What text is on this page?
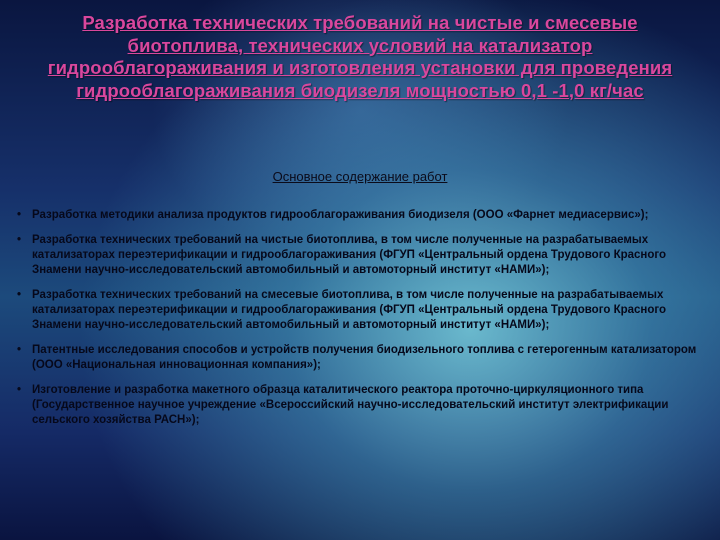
Разработка технических требований на чистые и смесевые биотоплива, технических условий на катализатор гидрооблагораживания и изготовления установки для проведения гидрооблагораживания биодизеля мощностью 0,1 -1,0 кг/час
Основное содержание работ
• Разработка методики анализа продуктов гидрооблагораживания биодизеля (ООО «Фарнет медиасервис»);
• Разработка технических требований на чистые биотоплива, в том числе полученные на разрабатываемых катализаторах переэтерификации и гидрооблагораживания (ФГУП «Центральный ордена Трудового Красного Знамени научно-исследовательский автомобильный и автомоторный институт «НАМИ»);
• Разработка технических требований на смесевые биотоплива, в том числе полученные на разрабатываемых катализаторах переэтерификации и гидрооблагораживания (ФГУП «Центральный ордена Трудового Красного Знамени научно-исследовательский автомобильный и автомоторный институт «НАМИ»);
• Патентные исследования способов и устройств получения биодизельного топлива с гетерогенным катализатором (ООО «Национальная инновационная компания»);
• Изготовление и разработка макетного образца каталитического реактора проточно-циркуляционного типа (Государственное научное учреждение «Всероссийский научно-исследовательский институт электрификации сельского хозяйства РАСН»);
